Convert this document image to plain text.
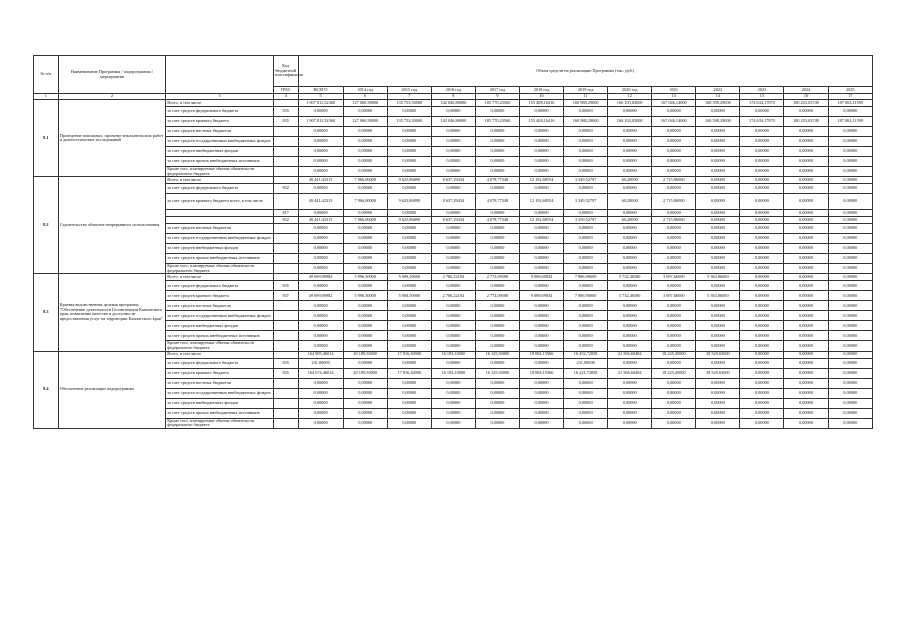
№ п/п	Наименование Программы / подпрограммы / мероприятия		Код бюджетной классификации	Объем средств на реализацию Программы (тыс. руб.)												
			ГРБС	ВСЕГО	2014 год	2015 год	2016 год	2017 год	2018 год	2019 год	2020 год	2021	2022	2023	2024	2025
1	2	3	4	5	6	7	8	9	10	11	12	13	14	15	16	17
8.1	Проведение поисковых, проектно-изыскательских работ и диагностических исследований	Всего, в том числе		1 907 811,52360	127 060,58800	135 753,50000	142 046,86800	185 770,23560	155 408,16416	160 988,29000	166 103,83000	167 046,14000	168 598,29000	174 634,17870	180 253,03749	187 063,11599
		за счет средств федерального бюджета	835	0,00000	0,00000	0,00000	0,00000	0,00000	0,00000	0,00000	0,00000	0,00000	0,00000	0,00000	0,00000	0,00000
		за счет средств краевого бюджета	835	1 907 811,52360	127 060,58800	135 753,50000	142 046,86800	185 770,23560	155 408,16416	160 988,29000	166 103,83000	167 046,14000	168 598,29000	174 634,17870	180 253,03749	187 063,11599
		за счет средств местных бюджетов		0,00000	0,00000	0,00000	0,00000	0,00000	0,00000	0,00000	0,00000	0,00000	0,00000	0,00000	0,00000	0,00000
		за счет средств государственных внебюджетных фондов		0,00000	0,00000	0,00000	0,00000	0,00000	0,00000	0,00000	0,00000	0,00000	0,00000	0,00000	0,00000	0,00000
		за счет средств внебюджетных фондов		0,00000	0,00000	0,00000	0,00000	0,00000	0,00000	0,00000	0,00000	0,00000	0,00000	0,00000	0,00000	0,00000
		за счет средств прочих внебюджетных источников		0,00000	0,00000	0,00000	0,00000	0,00000	0,00000	0,00000	0,00000	0,00000	0,00000	0,00000	0,00000	0,00000
		Кроме того, планируемые объемы обязательств федерального бюджета		0,00000	0,00000	0,00000	0,00000	0,00000	0,00000	0,00000	0,00000	0,00000	0,00000	0,00000	0,00000	0,00000
8.2	Строительство объектов непрерывного использования	Всего, в том числе		49 441,42315	7 966,00000	9 625,86890	8 637,29434	4 078,77348	12 192,68554	3 349,52797	60,20000	2 715,86000	0,00000	0,00000	0,00000	0,00000
		за счет средств федерального бюджета	832	0,00000	0,00000	0,00000	0,00000	0,00000	0,00000	0,00000	0,00000	0,00000	0,00000	0,00000	0,00000	0,00000
		за счет средств краевого бюджета всего, в том числе		49 441,42315	7 966,00000	9 625,86890	8 637,29434	4 078,77348	12 192,68554	3 349,52797	60,20000	2 715,86000	0,00000	0,00000	0,00000	0,00000
			817	0,00000	0,00000	0,00000	0,00000	0,00000	0,00000	0,00000	0,00000	0,00000	0,00000	0,00000	0,00000	0,00000
			832	49 441,42315	7 966,00000	9 625,86890	8 637,29434	4 078,77348	12 192,68554	3 359,52797	60,20000	2 715,86000	0,00000	0,00000	0,00000	0,00000
		за счет средств местных бюджетов		0,00000	0,00000	0,00000	0,00000	0,00000	0,00000	0,00000	0,00000	0,00000	0,00000	0,00000	0,00000	0,00000
		за счет средств государственных внебюджетных фондов		0,00000	0,00000	0,00000	0,00000	0,00000	0,00000	0,00000	0,00000	0,00000	0,00000	0,00000	0,00000	0,00000
		за счет средств внебюджетных фондов		0,00000	0,00000	0,00000	0,00000	0,00000	0,00000	0,00000	0,00000	0,00000	0,00000	0,00000	0,00000	0,00000
		за счет средств прочих внебюджетных источников		0,00000	0,00000	0,00000	0,00000	0,00000	0,00000	0,00000	0,00000	0,00000	0,00000	0,00000	0,00000	0,00000
		Кроме того, планируемые объемы обязательств федерального бюджета		0,00000	0,00000	0,00000	0,00000	0,00000	0,00000	0,00000	0,00000	0,00000	0,00000	0,00000	0,00000	0,00000
8.3	Краевая ведомственная целевая программа "Обеспечение деятельности Госинспекции Камчатского края, повышение качества и доступности предоставления услуг на территории Камчатского края"	Всего, в том числе		49 699,90982	5 996,30000	5 908,50000	2 786,22104	2 772,09580	9 088,69834	7 886,90000	5 732,46580	3 697,66000	5 363,86000	0,00000	0,00000	0,00000
		за счет средств федерального бюджета	835	0,00000	0,00000	0,00000	0,00000	0,00000	0,00000	0,00000	0,00000	0,00000	0,00000	0,00000	0,00000	0,00000
		за счет средств краевого бюджета	837	49 699,90982	5 996,30000	5 908,50000	2 786,22104	2 772,09580	9 088,69834	7 886,90000	5 732,46580	3 697,66000	5 363,86000	0,00000	0,00000	0,00000
		за счет средств местных бюджетов		0,00000	0,00000	0,00000	0,00000	0,00000	0,00000	0,00000	0,00000	0,00000	0,00000	0,00000	0,00000	0,00000
		за счет средств государственных внебюджетных фондов		0,00000	0,00000	0,00000	0,00000	0,00000	0,00000	0,00000	0,00000	0,00000	0,00000	0,00000	0,00000	0,00000
		за счет средств внебюджетных фондов		0,00000	0,00000	0,00000	0,00000	0,00000	0,00000	0,00000	0,00000	0,00000	0,00000	0,00000	0,00000	0,00000
		за счет средств прочих внебюджетных источников		0,00000	0,00000	0,00000	0,00000	0,00000	0,00000	0,00000	0,00000	0,00000	0,00000	0,00000	0,00000	0,00000
		Кроме того, планируемые объемы обязательств федерального бюджета		0,00000	0,00000	0,00000	0,00000	0,00000	0,00000	0,00000	0,00000	0,00000	0,00000	0,00000	0,00000	0,00000
8.4	Обеспечение реализации подпрограммы	Всего, в том числе		164 905,46014	20 189,50000	17 816,30000	16 183,10000	16 125,50000	18 084,15566	16 452,72858	21 566,60484	18 225,45000	18 529,65000	0,00000	0,00000	0,00000
		за счет средств федерального бюджета	835	231,00000	0,00000	0,00000	0,00000	0,00000	0,00000	231,00000	0,00000	0,00000	0,00000	0,00000	0,00000	0,00000
		за счет средств краевого бюджета	835	164 674,46014	20 189,50000	17 816,30000	16 183,10000	16 125,50000	18 084,15566	16 221,72858	21 566,60484	18 225,45000	18 529,65000	0,00000	0,00000	0,00000
		за счет средств местных бюджетов		0,00000	0,00000	0,00000	0,00000	0,00000	0,00000	0,00000	0,00000	0,00000	0,00000	0,00000	0,00000	0,00000
		за счет средств государственных внебюджетных фондов		0,00000	0,00000	0,00000	0,00000	0,00000	0,00000	0,00000	0,00000	0,00000	0,00000	0,00000	0,00000	0,00000
		за счет средств внебюджетных фондов		0,00000	0,00000	0,00000	0,00000	0,00000	0,00000	0,00000	0,00000	0,00000	0,00000	0,00000	0,00000	0,00000
		за счет средств прочих внебюджетных источников		0,00000	0,00000	0,00000	0,00000	0,00000	0,00000	0,00000	0,00000	0,00000	0,00000	0,00000	0,00000	0,00000
		Кроме того, планируемые объемы обязательств федерального бюджета		0,00000	0,00000	0,00000	0,00000	0,00000	0,00000	0,00000	0,00000	0,00000	0,00000	0,00000	0,00000	0,00000
